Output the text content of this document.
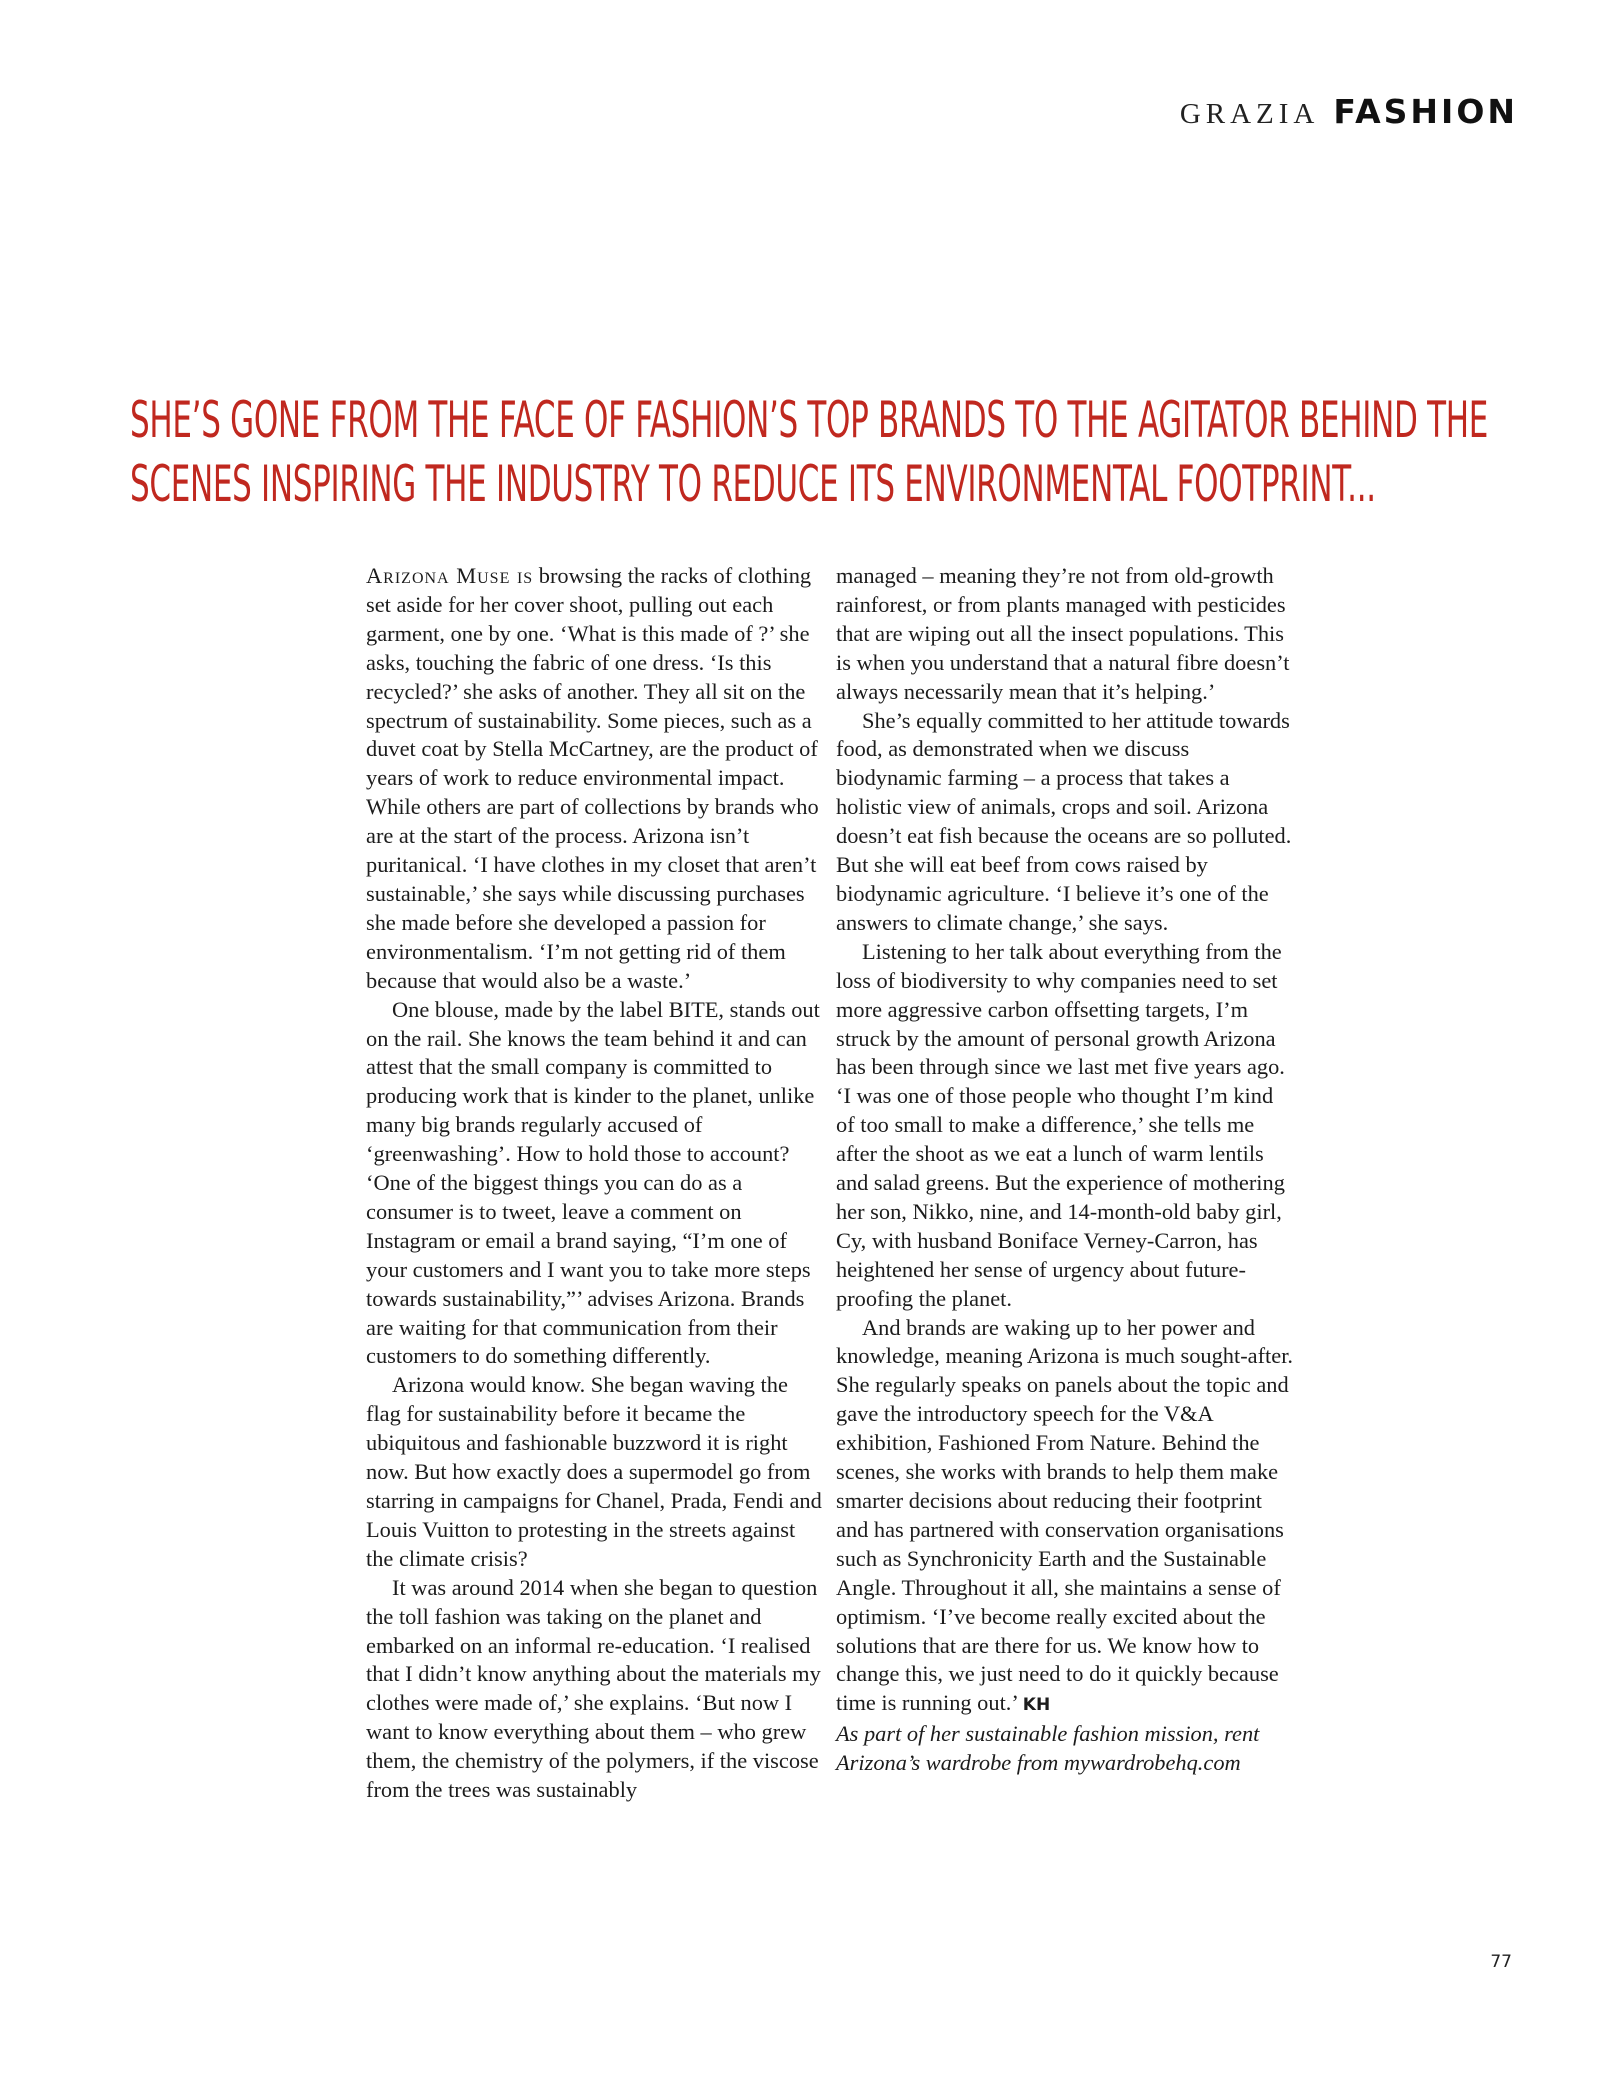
GRAZIA FASHION
SHE’S GONE FROM THE FACE OF FASHION’S TOP BRANDS TO THE AGITATOR BEHIND THE
SCENES INSPIRING THE INDUSTRY TO REDUCE ITS ENVIRONMENTAL FOOTPRINT...

Arizona Muse is browsing the racks of clothing set aside for her cover shoot, pulling out each garment, one by one. ‘What is this made of ?’ she asks, touching the fabric of one dress. ‘Is this recycled?’ she asks of another. They all sit on the spectrum of sustainability. Some pieces, such as a duvet coat by Stella McCartney, are the product of years of work to reduce environmental impact. While others are part of collections by brands who are at the start of the process. Arizona isn’t puritanical. ‘I have clothes in my closet that aren’t sustainable,’ she says while discussing purchases she made before she developed a passion for environmentalism. ‘I’m not getting rid of them because that would also be a waste.’

One blouse, made by the label BITE, stands out on the rail. She knows the team behind it and can attest that the small company is committed to producing work that is kinder to the planet, unlike many big brands regularly accused of ‘greenwashing’. How to hold those to account? ‘One of the biggest things you can do as a consumer is to tweet, leave a comment on Instagram or email a brand saying, “I’m one of your customers and I want you to take more steps towards sustainability,”’ advises Arizona. Brands are waiting for that communication from their customers to do something differently.

Arizona would know. She began waving the flag for sustainability before it became the ubiquitous and fashionable buzzword it is right now. But how exactly does a supermodel go from starring in campaigns for Chanel, Prada, Fendi and Louis Vuitton to protesting in the streets against the climate crisis?

It was around 2014 when she began to question the toll fashion was taking on the planet and embarked on an informal re-education. ‘I realised that I didn’t know anything about the materials my clothes were made of,’ she explains. ‘But now I want to know everything about them – who grew them, the chemistry of the polymers, if the viscose from the trees was sustainably

managed – meaning they’re not from old-growth rainforest, or from plants managed with pesticides that are wiping out all the insect populations. This is when you understand that a natural fibre doesn’t always necessarily mean that it’s helping.’

She’s equally committed to her attitude towards food, as demonstrated when we discuss biodynamic farming – a process that takes a holistic view of animals, crops and soil. Arizona doesn’t eat fish because the oceans are so polluted. But she will eat beef from cows raised by biodynamic agriculture. ‘I believe it’s one of the answers to climate change,’ she says.

Listening to her talk about everything from the loss of biodiversity to why companies need to set more aggressive carbon offsetting targets, I’m struck by the amount of personal growth Arizona has been through since we last met five years ago. ‘I was one of those people who thought I’m kind of too small to make a difference,’ she tells me after the shoot as we eat a lunch of warm lentils and salad greens. But the experience of mothering her son, Nikko, nine, and 14-month-old baby girl, Cy, with husband Boniface Verney-Carron, has heightened her sense of urgency about future-proofing the planet.

And brands are waking up to her power and knowledge, meaning Arizona is much sought-after. She regularly speaks on panels about the topic and gave the introductory speech for the V&A exhibition, Fashioned From Nature. Behind the scenes, she works with brands to help them make smarter decisions about reducing their footprint and has partnered with conservation organisations such as Synchronicity Earth and the Sustainable Angle. Throughout it all, she maintains a sense of optimism. ‘I’ve become really excited about the solutions that are there for us. We know how to change this, we just need to do it quickly because time is running out.’ KH

As part of her sustainable fashion mission, rent Arizona’s wardrobe from mywardrobehq.com

77
